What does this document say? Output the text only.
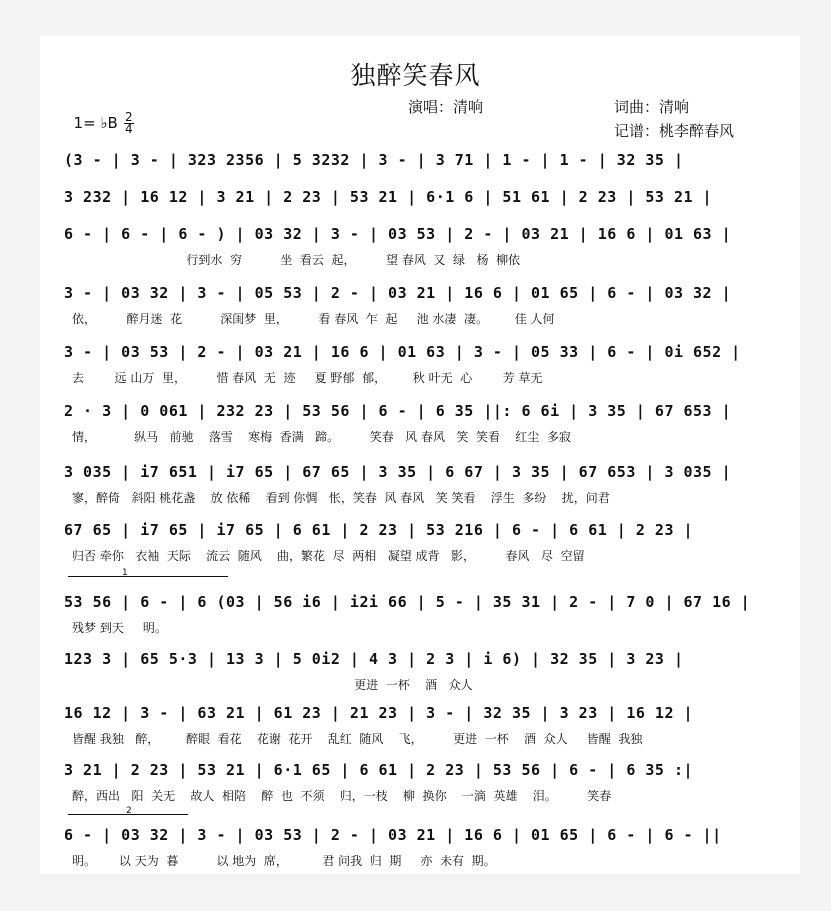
独醉笑春风

1= ♭B $\frac{2}{4}$

演唱：清响	词曲：清响
记谱：桃李醉春风
(3 - | 3 - | 323 2356 | 5 3232 | 3 - | 3 71 | 1 - | 1 - | 32 35 |
3 232 | 16 12 | 3 21 | 2 23 | 53 21 | 6·1 6 | 51 61 | 2 23 | 53 21 |
6 - | 6 - | 6 - ) | 03 32 | 3 - | 03 53 | 2 - | 03 21 | 16 6 | 01 63 |
行到水  穷          坐  看云  起，        望 春风  又  绿   杨  柳依
3 - | 03 32 | 3 - | 05 53 | 2 - | 03 21 | 16 6 | 01 65 | 6 - | 03 32 |
依，        醉月迷  花          深闺梦  里，        看 春风  乍  起     池 水凄  凄。       佳 人何
3 - | 03 53 | 2 - | 03 21 | 16 6 | 01 63 | 3 - | 05 33 | 6 - | 0i 652 |
去        远 山万  里，        惜 春风  无  迹     夏 野郁  郁，       秋 叶无  心        芳 草无
2 · 3 | 0 061 | 232 23 | 53 56 | 6 - | 6 35 ||: 6 6i | 3 35 | 67 653 |
情，          纵马   前驰    落雪    寒梅  香满   蹄。        笑春   风 春风   笑  笑看    红尘  多寂
3 035 | i7 651 | i7 65 | 67 65 | 3 35 | 6 67 | 3 35 | 67 653 | 3 035 |
寥，醉倚   斜阳 桃花盏    放 依稀    看到 你惆   怅，笑春  风 春风   笑 笑看    浮生  多纷    扰，问君
67 65 | i7 65 | i7 65 | 6 61 | 2 23 | 53 216 | 6 - | 6 61 | 2 23 |
归否 牵你   衣袖  天际    流云  随风    曲，繁花  尽  两相   凝望 成背   影，        春风   尽  空留
53 56 | 6 - | 6 (03 | 56 i6 | i2i 66 | 5 - | 35 31 | 2 - | 7 0 | 67 16 |
残梦 到天     明。
123 3 | 65 5·3 | 13 3 | 5 0i2 | 4 3 | 2 3 | i 6) | 32 35 | 3 23 |
更进  一杯    酒   众人
16 12 | 3 - | 63 21 | 61 23 | 21 23 | 3 - | 32 35 | 3 23 | 16 12 |
皆醒 我独   醉，       醉眼  看花    花谢  花开    乱红  随风    飞，        更进  一杯    酒  众人     皆醒  我独
3 21 | 2 23 | 53 21 | 6·1 65 | 6 61 | 2 23 | 53 56 | 6 - | 6 35 :|
醉，西出   阳  关无    故人  相陪    醉  也  不须    归，一枝    柳  换你    一滴  英雄    泪。        笑春
6 - | 03 32 | 3 - | 03 53 | 2 - | 03 21 | 16 6 | 01 65 | 6 - | 6 - ||
明。      以 天为  暮          以 地为  席，         君 问我  归  期     亦  未有  期。
1
2
